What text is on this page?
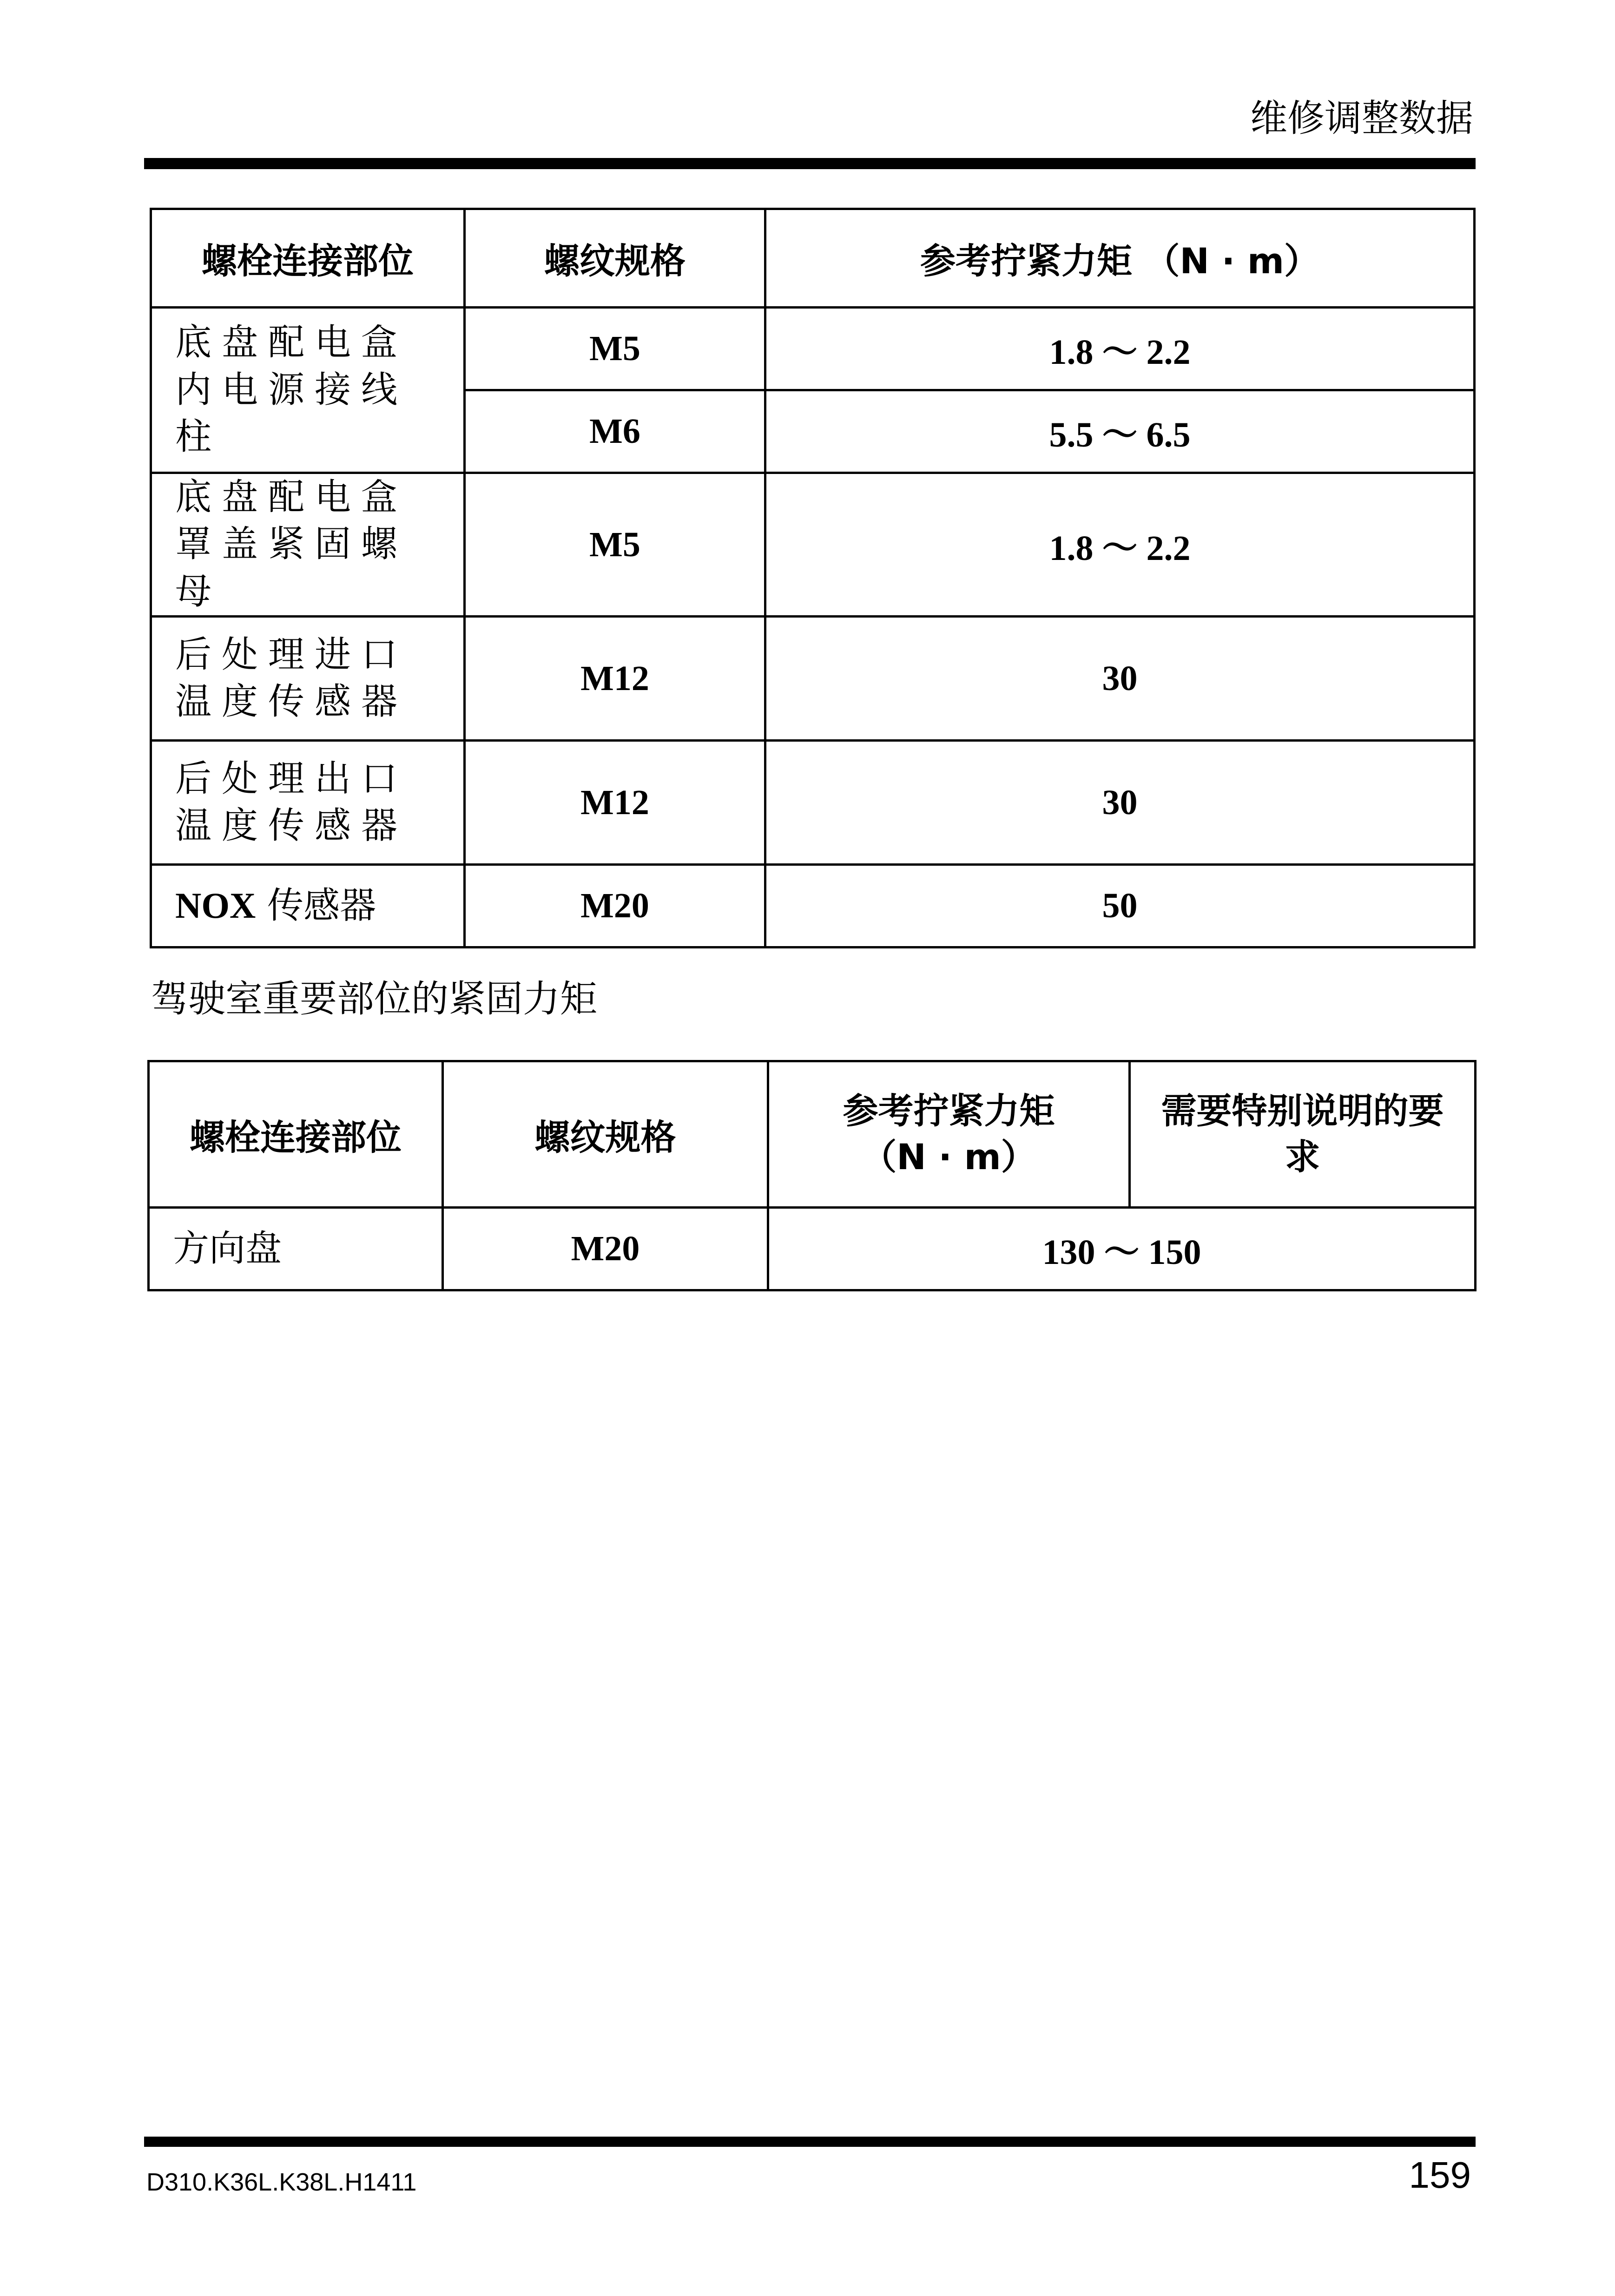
维修调整数据
螺栓连接部位	螺纹规格	参考拧紧力矩 （N · m）
底盘配电盒内电源接线柱	M5	1.8 ～ 2.2
	M6	5.5 ～ 6.5
底盘配电盒罩盖紧固螺母	M5	1.8 ～ 2.2
后处理进口温度传感器	M12	30
后处理出口温度传感器	M12	30
NOX 传感器	M20	50
驾驶室重要部位的紧固力矩
螺栓连接部位	螺纹规格	参考拧紧力矩（N · m）	需要特别说明的要求
方向盘	M20	130 ～ 150	
D310.K36L.K38L.H1411	159
